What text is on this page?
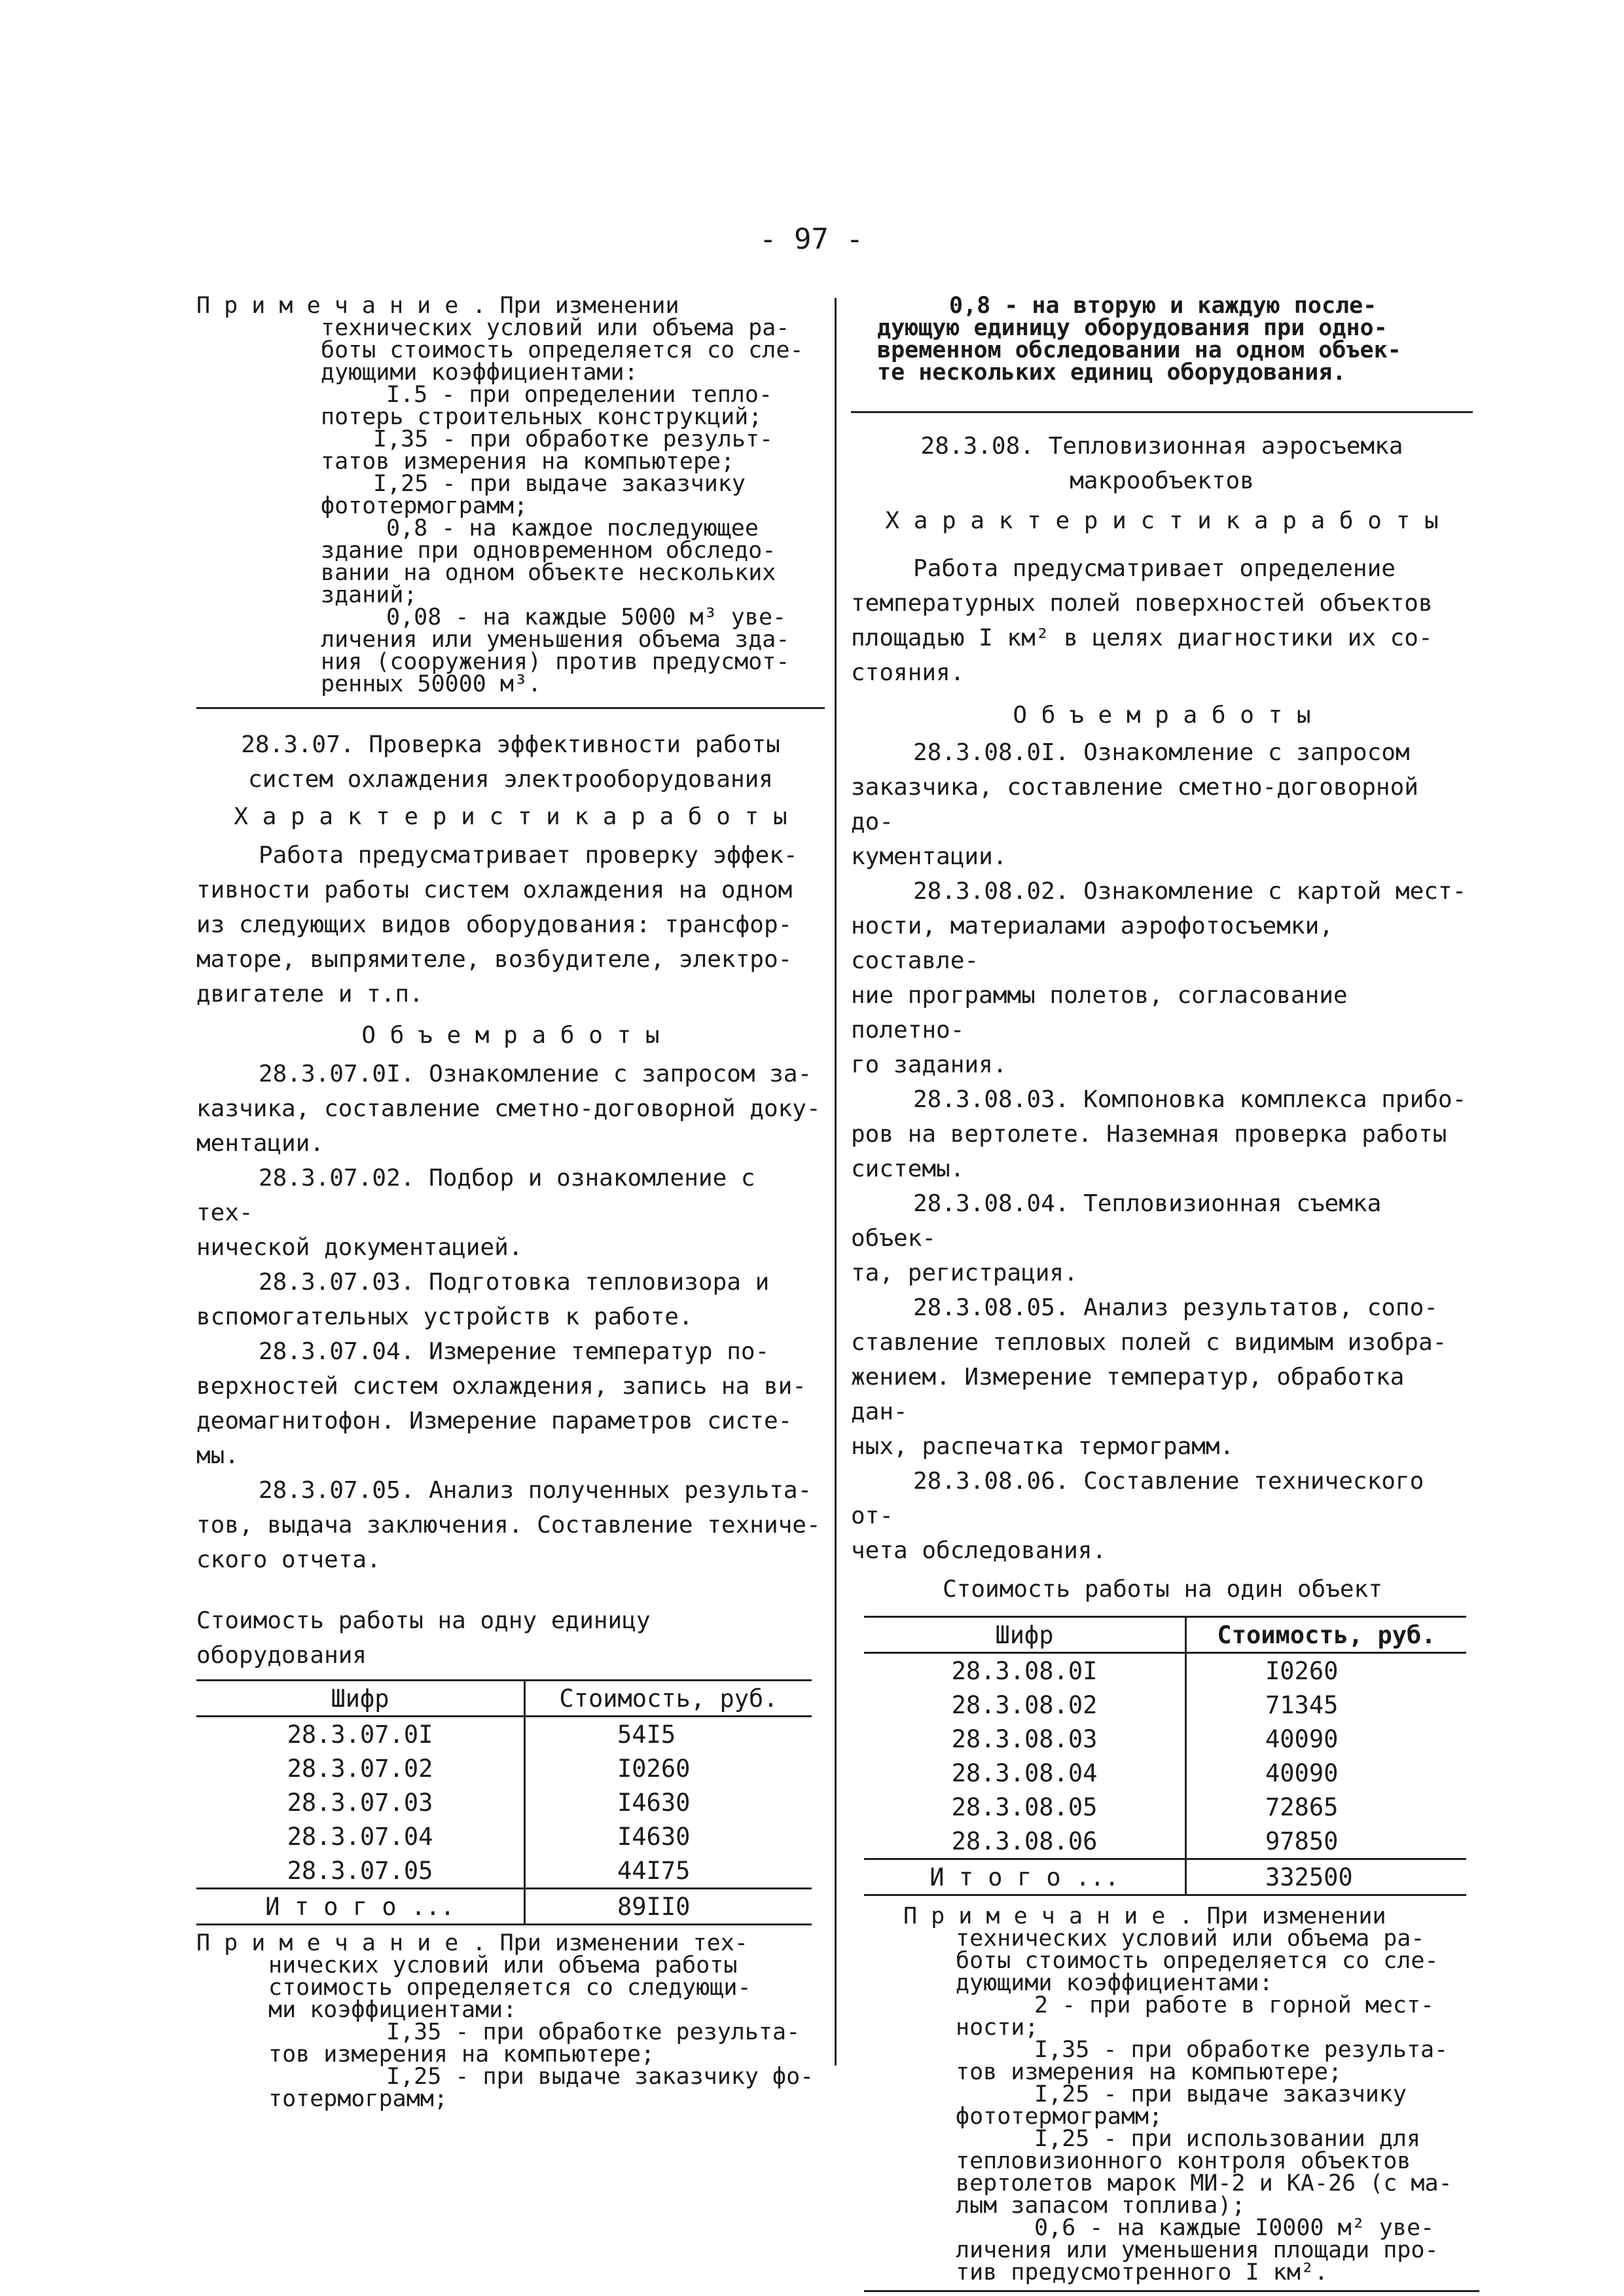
- 97 -
П р и м е ч а н и е . При изменении
технических условий или объема ра-
боты стоимость определяется со сле-
дующими коэффициентами:
I.5 - при определении тепло-
потерь строительных конструкций;
I,35 - при обработке результ-
татов измерения на компьютере;
I,25 - при выдаче заказчику
фототермограмм;
0,8 - на каждое последующее
здание при одновременном обследо-
вании на одном объекте нескольких
зданий;
0,08 - на каждые 5000 м³ уве-
личения или уменьшения объема зда-
ния (сооружения) против предусмот-
ренных 50000 м³.
28.3.07. Проверка эффективности работы
систем охлаждения электрооборудования
Х а р а к т е р и с т и к а р а б о т ы
Работа предусматривает проверку эффек-
тивности работы систем охлаждения на одном
из следующих видов оборудования: трансфор-
маторе, выпрямителе, возбудителе, электро-
двигателе и т.п.
О б ъ е м р а б о т ы
28.3.07.0I. Ознакомление с запросом за-
казчика, составление сметно-договорной доку-
ментации.
28.3.07.02. Подбор и ознакомление с тех-
нической документацией.
28.3.07.03. Подготовка тепловизора и
вспомогательных устройств к работе.
28.3.07.04. Измерение температур по-
верхностей систем охлаждения, запись на ви-
деомагнитофон. Измерение параметров систе-
мы.
28.3.07.05. Анализ полученных результа-
тов, выдача заключения. Составление техниче-
ского отчета.
Стоимость работы на одну единицу оборудования
Шифр	Стоимость, руб.
28.3.07.0I	54I5
28.3.07.02	I0260
28.3.07.03	I4630
28.3.07.04	I4630
28.3.07.05	44I75
И т о г о ...	89II0
П р и м е ч а н и е . При изменении тех-
нических условий или объема работы
стоимость определяется со следующи-
ми коэффициентами:
I,35 - при обработке результа-
тов измерения на компьютере;
I,25 - при выдаче заказчику фо-
тотермограмм;
0,8 - на вторую и каждую после-
дующую единицу оборудования при одно-
временном обследовании на одном объек-
те нескольких единиц оборудования.
28.3.08. Тепловизионная аэросъемка
макрообъектов
Х а р а к т е р и с т и к а р а б о т ы
Работа предусматривает определение
температурных полей поверхностей объектов
площадью I км² в целях диагностики их со-
стояния.
О б ъ е м р а б о т ы
28.3.08.0I. Ознакомление с запросом
заказчика, составление сметно-договорной до-
кументации.
28.3.08.02. Ознакомление с картой мест-
ности, материалами аэрофотосъемки, составле-
ние программы полетов, согласование полетно-
го задания.
28.3.08.03. Компоновка комплекса прибо-
ров на вертолете. Наземная проверка работы
системы.
28.3.08.04. Тепловизионная съемка объек-
та, регистрация.
28.3.08.05. Анализ результатов, сопо-
ставление тепловых полей с видимым изобра-
жением. Измерение температур, обработка дан-
ных, распечатка термограмм.
28.3.08.06. Составление технического от-
чета обследования.
Стоимость работы на один объект
Шифр	Стоимость, руб.
28.3.08.0I	I0260
28.3.08.02	71345
28.3.08.03	40090
28.3.08.04	40090
28.3.08.05	72865
28.3.08.06	97850
И т о г о ...	332500
П р и м е ч а н и е . При изменении
технических условий или объема ра-
боты стоимость определяется со сле-
дующими коэффициентами:
2 - при работе в горной мест-
ности;
I,35 - при обработке результа-
тов измерения на компьютере;
I,25 - при выдаче заказчику
фототермограмм;
I,25 - при использовании для
тепловизионного контроля объектов
вертолетов марок МИ-2 и КА-26 (с ма-
лым запасом топлива);
0,6 - на каждые I0000 м² уве-
личения или уменьшения площади про-
тив предусмотренного I км².
